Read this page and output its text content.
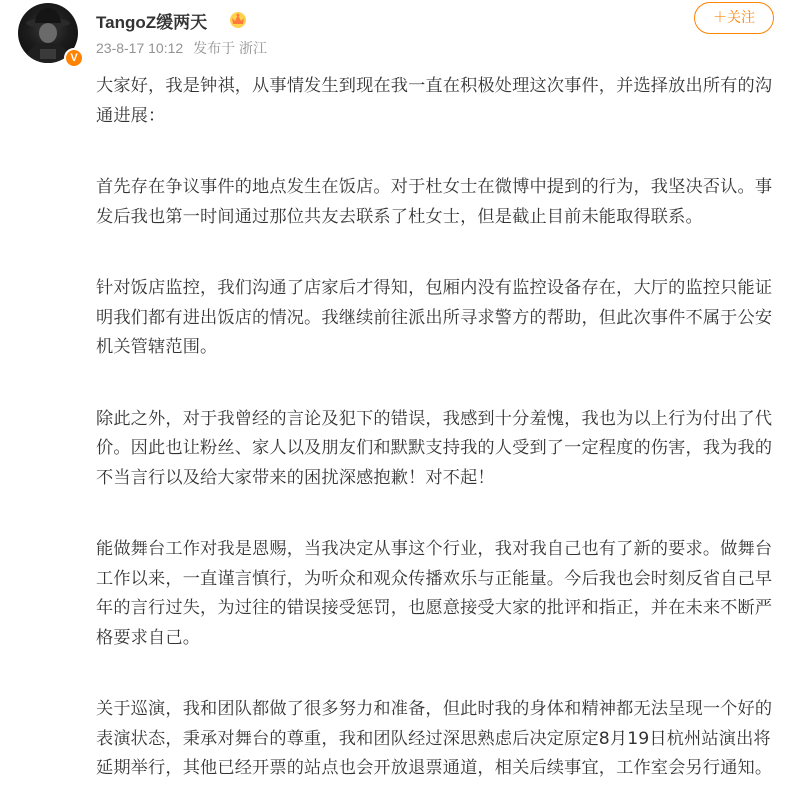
V
TangoZ缓两天
23-8-17 10:12 发布于 浙江
＋关注

大家好，我是钟祺，从事情发生到现在我一直在积极处理这次事件，并选择放出所有的沟通进展：

首先存在争议事件的地点发生在饭店。对于杜女士在微博中提到的行为，我坚决否认。事发后我也第一时间通过那位共友去联系了杜女士，但是截止目前未能取得联系。

针对饭店监控，我们沟通了店家后才得知，包厢内没有监控设备存在，大厅的监控只能证明我们都有进出饭店的情况。我继续前往派出所寻求警方的帮助，但此次事件不属于公安机关管辖范围。

除此之外，对于我曾经的言论及犯下的错误，我感到十分羞愧，我也为以上行为付出了代价。因此也让粉丝、家人以及朋友们和默默支持我的人受到了一定程度的伤害，我为我的不当言行以及给大家带来的困扰深感抱歉！对不起！

能做舞台工作对我是恩赐，当我决定从事这个行业，我对我自己也有了新的要求。做舞台工作以来，一直谨言慎行，为听众和观众传播欢乐与正能量。今后我也会时刻反省自己早年的言行过失，为过往的错误接受惩罚，也愿意接受大家的批评和指正，并在未来不断严格要求自己。

关于巡演，我和团队都做了很多努力和准备，但此时我的身体和精神都无法呈现一个好的表演状态，秉承对舞台的尊重，我和团队经过深思熟虑后决定原定8月19日杭州站演出将延期举行，其他已经开票的站点也会开放退票通道，相关后续事宜，工作室会另行通知。
